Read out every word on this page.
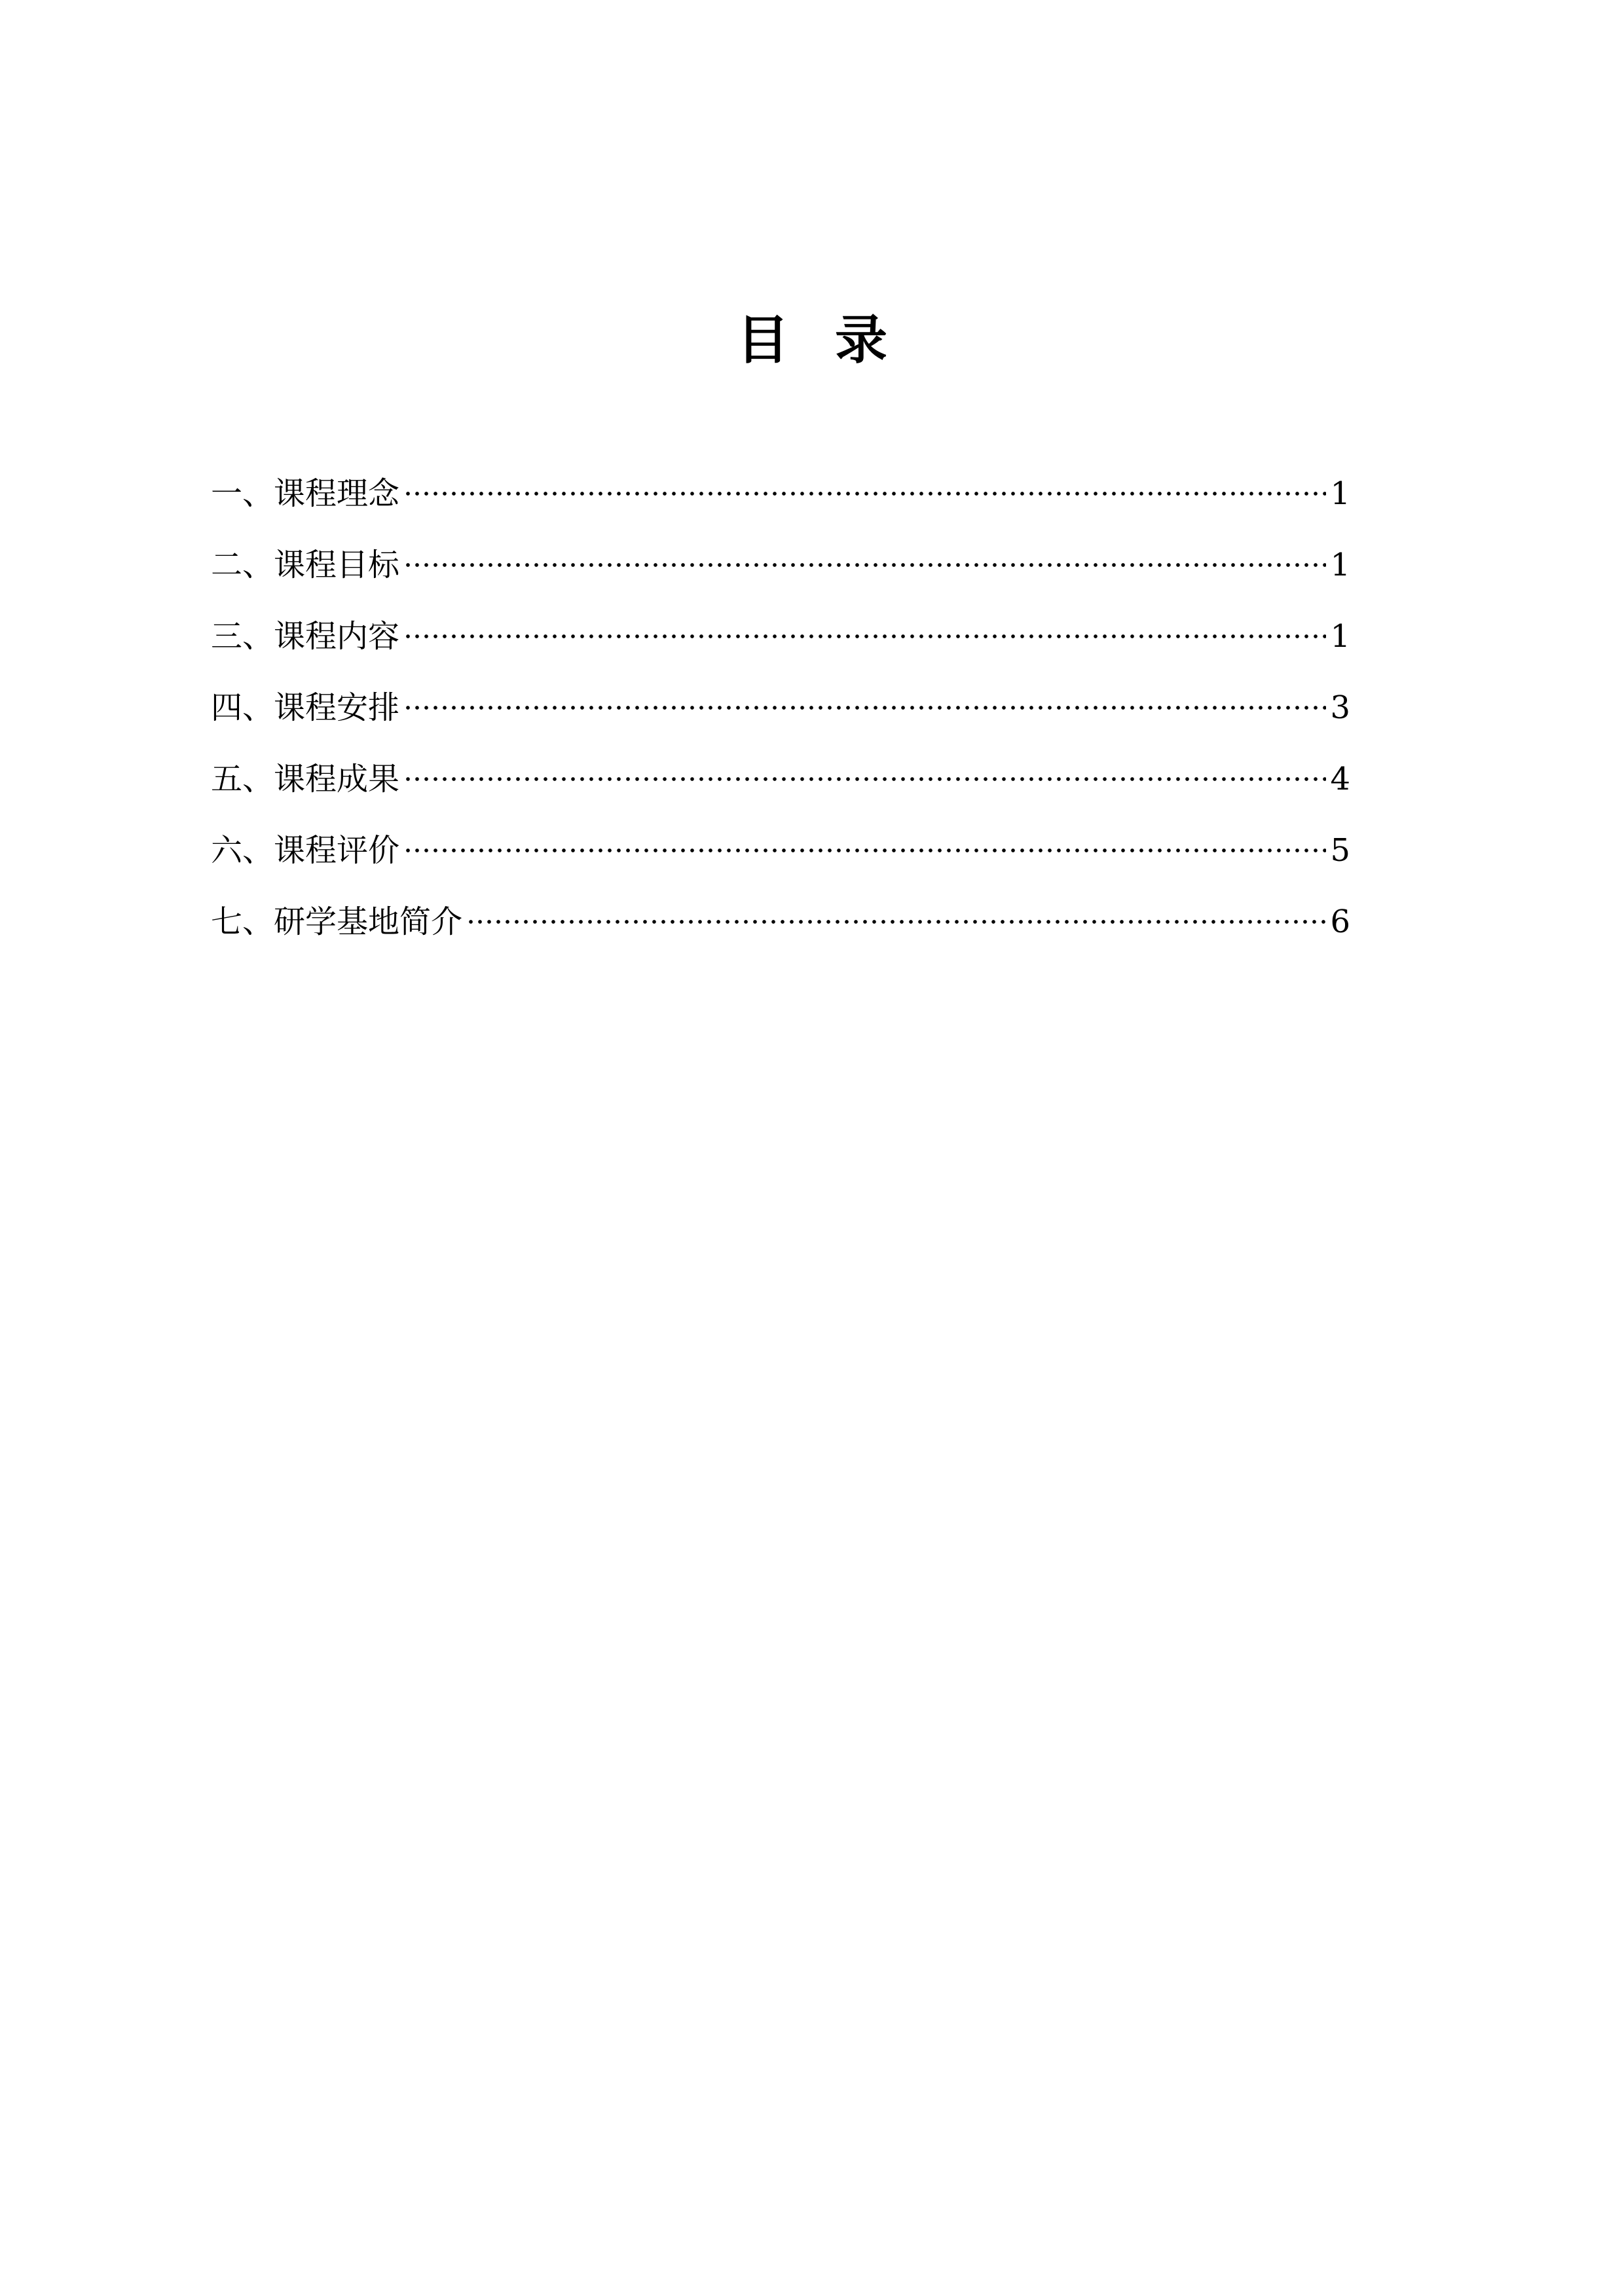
目 录
一、课程理念	1
二、课程目标	1
三、课程内容	1
四、课程安排	3
五、课程成果	4
六、课程评价	5
七、研学基地简介	6
